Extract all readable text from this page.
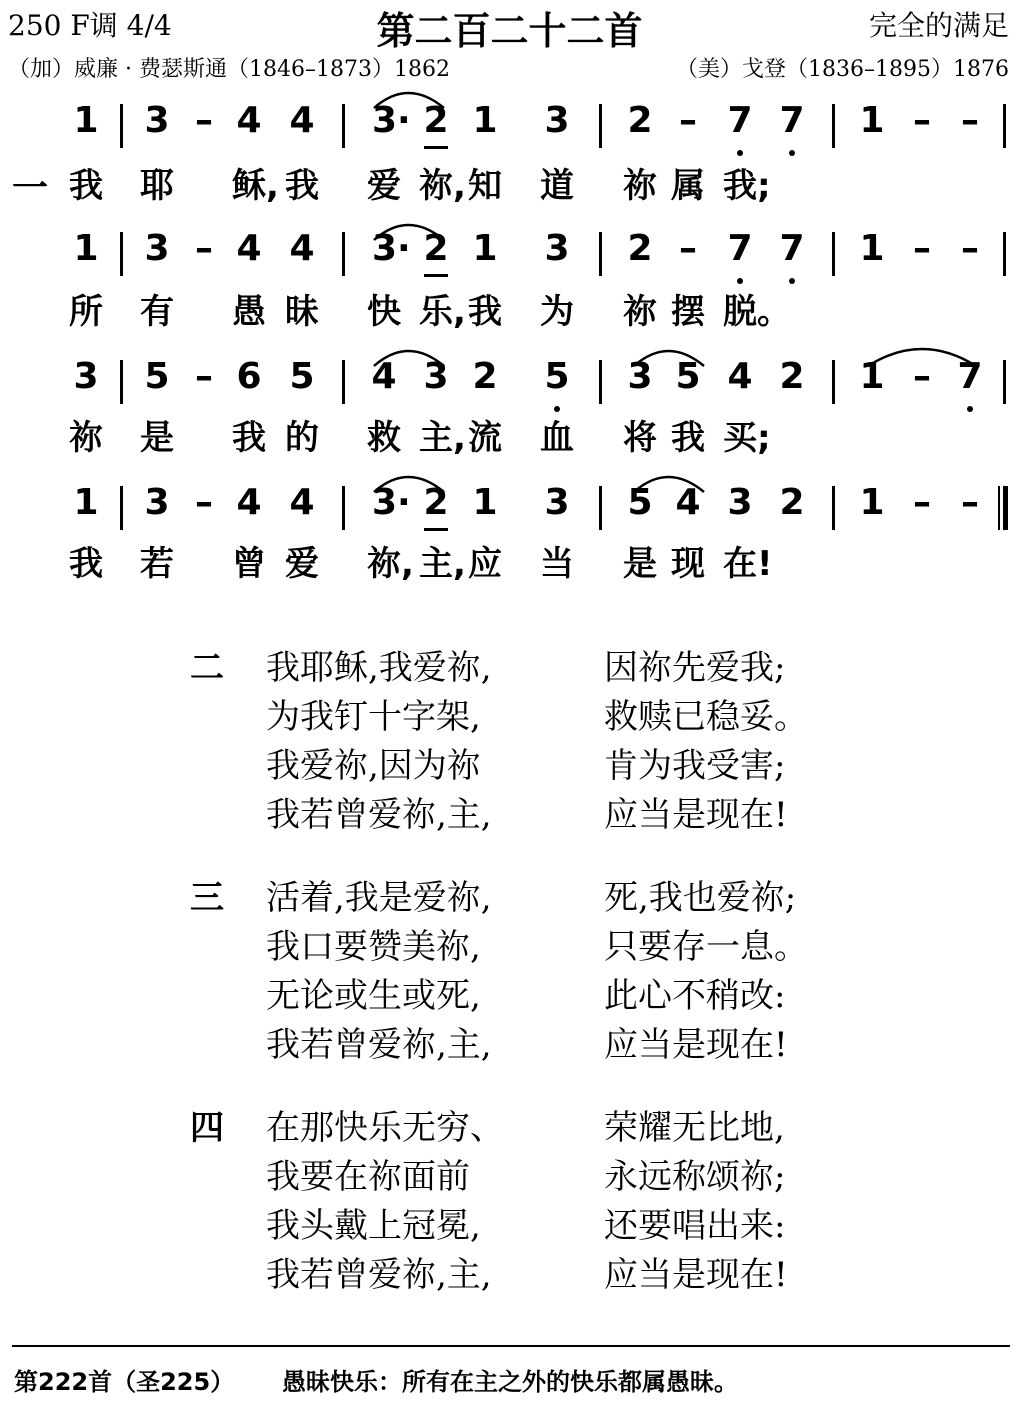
250 F调 4/4	第二百二十二首	完全的满足
（加）威廉 · 费瑟斯通（1846–1873）1862	（美）戈登（1836–1895）1876
一
1 3 – 4 4 3· 2 1 3 2 – 7 7 1 – –
1 3 – 4 4 3· 2 1 3 2 – 7 7 1 – –
3 5 – 6 5 4 3 2 5 3 5 4 2 1 – 7
1 3 – 4 4 3· 2 1 3 5 4 3 2 1 – –
我 耶 稣, 我 爱 祢, 知 道 祢 属 我;
所 有 愚 昧 快 乐, 我 为 祢 摆 脱。
祢 是 我 的 救 主, 流 血 将 我 买;
我 若 曾 爱 祢, 主, 应 当 是 现 在!
二 我耶稣,我爱祢,	因祢先爱我;
为我钉十字架,	救赎已稳妥。
我爱祢,因为祢	肯为我受害;
我若曾爱祢,主,	应当是现在!
三 活着,我是爱祢,	死,我也爱祢;
我口要赞美祢,	只要存一息。
无论或生或死,	此心不稍改:
我若曾爱祢,主,	应当是现在!
四 在那快乐无穷、	荣耀无比地,
我要在祢面前	永远称颂祢;
我头戴上冠冕,	还要唱出来:
我若曾爱祢,主,	应当是现在!
第222首（圣225） 愚昧快乐：所有在主之外的快乐都属愚昧。
